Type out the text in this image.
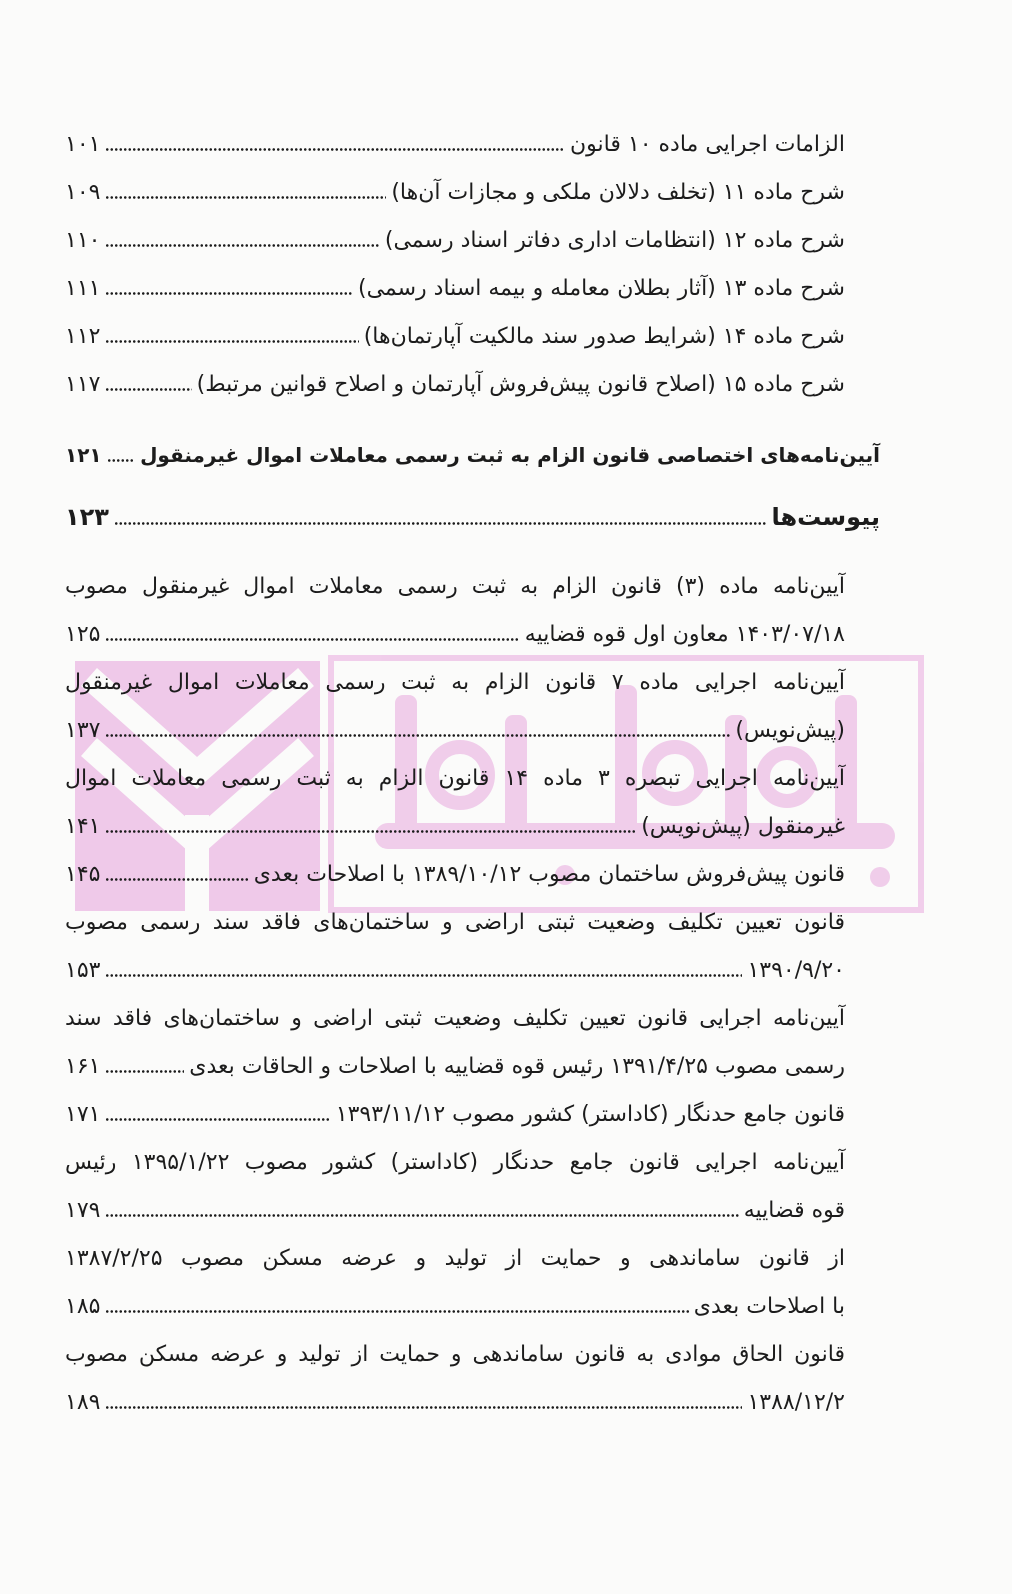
الزامات اجرایی ماده ۱۰ قانون
۱۰۱
شرح ماده ۱۱ (تخلف دلالان ملکی و مجازات آن‌ها)
۱۰۹
شرح ماده ۱۲ (انتظامات اداری دفاتر اسناد رسمی)
۱۱۰
شرح ماده ۱۳ (آثار بطلان معامله و بیمه اسناد رسمی)
۱۱۱
شرح ماده ۱۴ (شرایط صدور سند مالکیت آپارتمان‌ها)
۱۱۲
شرح ماده ۱۵ (اصلاح قانون پیش‌فروش آپارتمان و اصلاح قوانین مرتبط)
۱۱۷
آیین‌نامه‌های اختصاصی قانون الزام به ثبت رسمی معاملات اموال غیرمنقول
۱۲۱
پیوست‌ها
۱۲۳
آیین‌نامه ماده (۳) قانون الزام به ثبت رسمی معاملات اموال غیرمنقول مصوب
۱۴۰۳/۰۷/۱۸ معاون اول قوه قضاییه
۱۲۵
آیین‌نامه اجرایی ماده ۷ قانون الزام به ثبت رسمی معاملات اموال غیرمنقول
(پیش‌نویس)
۱۳۷
آیین‌نامه اجرایی تبصره ۳ ماده ۱۴ قانون الزام به ثبت رسمی معاملات اموال
غیرمنقول (پیش‌نویس)
۱۴۱
قانون پیش‌فروش ساختمان مصوب ۱۳۸۹/۱۰/۱۲ با اصلاحات بعدی
۱۴۵
قانون تعیین تکلیف وضعیت ثبتی اراضی و ساختمان‌های فاقد سند رسمی مصوب
۱۳۹۰/۹/۲۰
۱۵۳
آیین‌نامه اجرایی قانون تعیین تکلیف وضعیت ثبتی اراضی و ساختمان‌های فاقد سند
رسمی مصوب ۱۳۹۱/۴/۲۵ رئیس قوه قضاییه با اصلاحات و الحاقات بعدی
۱۶۱
قانون جامع حدنگار (کاداستر) کشور مصوب ۱۳۹۳/۱۱/۱۲
۱۷۱
آیین‌نامه اجرایی قانون جامع حدنگار (کاداستر) کشور مصوب ۱۳۹۵/۱/۲۲ رئیس
قوه قضاییه
۱۷۹
از قانون ساماندهی و حمایت از تولید و عرضه مسکن مصوب ۱۳۸۷/۲/۲۵
با اصلاحات بعدی
۱۸۵
قانون الحاق موادی به قانون ساماندهی و حمایت از تولید و عرضه مسکن مصوب
۱۳۸۸/۱۲/۲
۱۸۹
